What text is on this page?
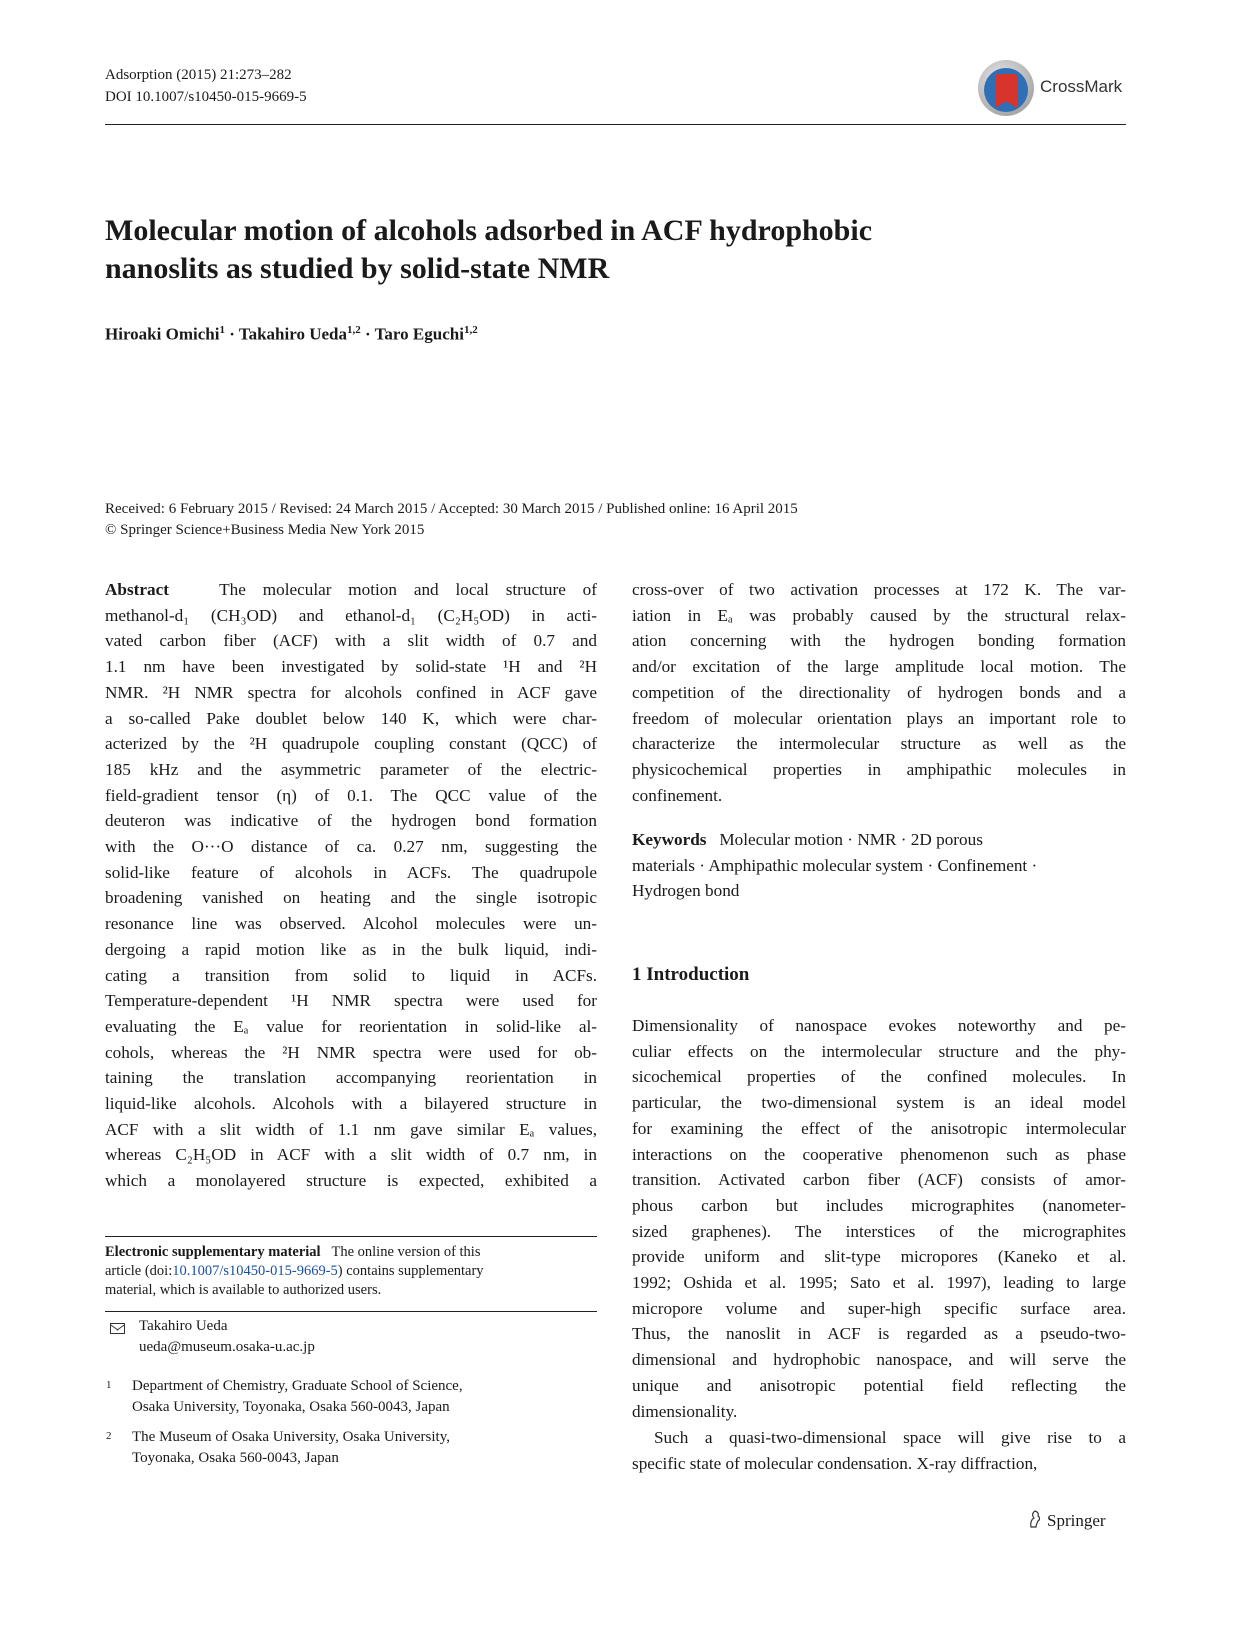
Adsorption (2015) 21:273–282
DOI 10.1007/s10450-015-9669-5
CrossMark
Molecular motion of alcohols adsorbed in ACF hydrophobic
nanoslits as studied by solid-state NMR
Hiroaki Omichi$^1$ · Takahiro Ueda$^{1,2}$ · Taro Eguchi$^{1,2}$
Received: 6 February 2015 / Revised: 24 March 2015 / Accepted: 30 March 2015 / Published online: 16 April 2015
© Springer Science+Business Media New York 2015
Abstract	The molecular motion and local structure of
methanol-d₁ (CH₃OD) and ethanol-d₁ (C₂H₅OD) in acti-
vated carbon fiber (ACF) with a slit width of 0.7 and
1.1 nm have been investigated by solid-state ¹H and ²H
NMR. ²H NMR spectra for alcohols confined in ACF gave
a so-called Pake doublet below 140 K, which were char-
acterized by the ²H quadrupole coupling constant (QCC) of
185 kHz and the asymmetric parameter of the electric-
field-gradient tensor (η) of 0.1. The QCC value of the
deuteron was indicative of the hydrogen bond formation
with the O···O distance of ca. 0.27 nm, suggesting the
solid-like feature of alcohols in ACFs. The quadrupole
broadening vanished on heating and the single isotropic
resonance line was observed. Alcohol molecules were un-
dergoing a rapid motion like as in the bulk liquid, indi-
cating a transition from solid to liquid in ACFs.
Temperature-dependent ¹H NMR spectra were used for
evaluating the Eₐ value for reorientation in solid-like al-
cohols, whereas the ²H NMR spectra were used for ob-
taining the translation accompanying reorientation in
liquid-like alcohols. Alcohols with a bilayered structure in
ACF with a slit width of 1.1 nm gave similar Eₐ values,
whereas C₂H₅OD in ACF with a slit width of 0.7 nm, in
which a monolayered structure is expected, exhibited a
Electronic supplementary material The online version of this
article (doi:10.1007/s10450-015-9669-5) contains supplementary
material, which is available to authorized users.
Takahiro Ueda
ueda@museum.osaka-u.ac.jp
1 Department of Chemistry, Graduate School of Science,
Osaka University, Toyonaka, Osaka 560-0043, Japan
2 The Museum of Osaka University, Osaka University,
Toyonaka, Osaka 560-0043, Japan
cross-over of two activation processes at 172 K. The var-
iation in Eₐ was probably caused by the structural relax-
ation concerning with the hydrogen bonding formation
and/or excitation of the large amplitude local motion. The
competition of the directionality of hydrogen bonds and a
freedom of molecular orientation plays an important role to
characterize the intermolecular structure as well as the
physicochemical properties in amphipathic molecules in
confinement.
Keywords Molecular motion · NMR · 2D porous
materials · Amphipathic molecular system · Confinement ·
Hydrogen bond
1 Introduction
Dimensionality of nanospace evokes noteworthy and pe-
culiar effects on the intermolecular structure and the phy-
sicochemical properties of the confined molecules. In
particular, the two-dimensional system is an ideal model
for examining the effect of the anisotropic intermolecular
interactions on the cooperative phenomenon such as phase
transition. Activated carbon fiber (ACF) consists of amor-
phous carbon but includes micrographites (nanometer-
sized graphenes). The interstices of the micrographites
provide uniform and slit-type micropores (Kaneko et al.
1992; Oshida et al. 1995; Sato et al. 1997), leading to large
micropore volume and super-high specific surface area.
Thus, the nanoslit in ACF is regarded as a pseudo-two-
dimensional and hydrophobic nanospace, and will serve the
unique and anisotropic potential field reflecting the
dimensionality.
Such a quasi-two-dimensional space will give rise to a
specific state of molecular condensation. X-ray diffraction,
Springer
